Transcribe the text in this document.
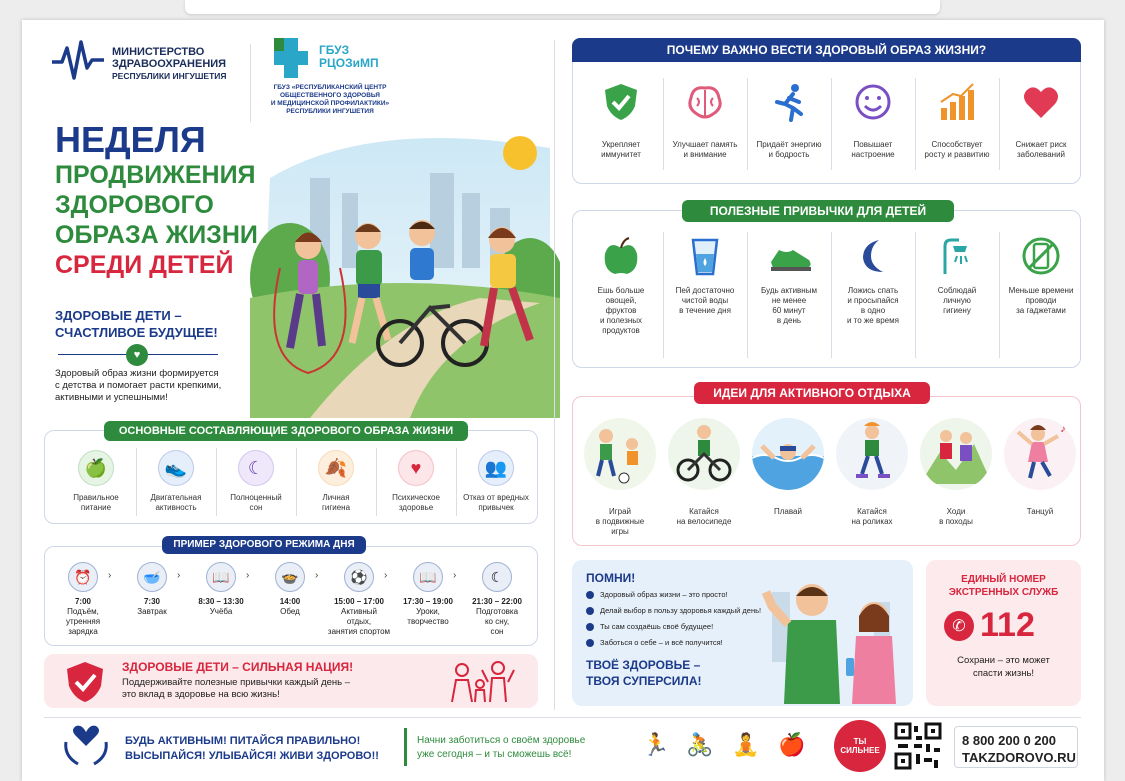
МИНИСТЕРСТВО
ЗДРАВООХРАНЕНИЯ
РЕСПУБЛИКИ ИНГУШЕТИЯ
ГБУЗ
РЦОЗиМП
ГБУЗ «РЕСПУБЛИКАНСКИЙ ЦЕНТР
ОБЩЕСТВЕННОГО ЗДОРОВЬЯ
И МЕДИЦИНСКОЙ ПРОФИЛАКТИКИ»
РЕСПУБЛИКИ ИНГУШЕТИЯ
НЕДЕЛЯ
ПРОДВИЖЕНИЯ
ЗДОРОВОГО
ОБРАЗА ЖИЗНИ
СРЕДИ ДЕТЕЙ
ЗДОРОВЫЕ ДЕТИ –
СЧАСТЛИВОЕ БУДУЩЕЕ!
♥
Здоровый образ жизни формируется
с детства и помогает расти крепкими,
активными и успешными!
ОСНОВНЫЕ СОСТАВЛЯЮЩИЕ ЗДОРОВОГО ОБРАЗА ЖИЗНИ
ПРИМЕР ЗДОРОВОГО РЕЖИМА ДНЯ
ЗДОРОВЫЕ ДЕТИ – СИЛЬНАЯ НАЦИЯ!
Поддерживайте полезные привычки каждый день –
это вклад в здоровье на всю жизнь!
ПОЧЕМУ ВАЖНО ВЕСТИ ЗДОРОВЫЙ ОБРАЗ ЖИЗНИ?
ПОЛЕЗНЫЕ ПРИВЫЧКИ ДЛЯ ДЕТЕЙ
ИДЕИ ДЛЯ АКТИВНОГО ОТДЫХА
ПОМНИ!
ТВОЁ ЗДОРОВЬЕ –
ТВОЯ СУПЕРСИЛА!
ЕДИНЫЙ НОМЕР
ЭКСТРЕННЫХ СЛУЖБ
✆ 112
Сохрани – это может
спасти жизнь!
БУДЬ АКТИВНЫМ! ПИТАЙСЯ ПРАВИЛЬНО!
ВЫСЫПАЙСЯ! УЛЫБАЙСЯ! ЖИВИ ЗДОРОВО!!
Начни заботиться о своём здоровье
уже сегодня – и ты сможешь всё!	🏃 🚴 🧘 🍎	ТЫ СИЛЬНЕЕ
8 800 200 0 200
TAKZDOROVO.RU
🍏
Правильное
питание
👟
Двигательная
активность
☾
Полноценный
сон
🍂
Личная
гигиена
♥
Психическое
здоровье
👥
Отказ от вредных
привычек
⏰
7:00
Подъём,
утренняя
зарядка
›	🥣
7:30
Завтрак
›	📖
8:30 – 13:30
Учёба
›	🍲
14:00
Обед
›	⚽
15:00 – 17:00
Активный
отдых,
занятия спортом
›	📖
17:30 – 19:00
Уроки,
творчество
›	☾
21:30 – 22:00
Подготовка
ко сну,
сон
Укрепляет
иммунитет
Улучшает память
и внимание
Придаёт энергию
и бодрость
Повышает
настроение
Способствует
росту и развитию
Снижает риск
заболеваний
Ешь больше
овощей,
фруктов
и полезных
продуктов
Пей достаточно
чистой воды
в течение дня
Будь активным
не менее
60 минут
в день
Ложись спать
и просыпайся
в одно
и то же время
Соблюдай
личную
гигиену
Меньше времени
проводи
за гаджетами
Играй
в подвижные
игры
Катайся
на велосипеде
Плавай	Катайся
на роликах
Ходи
в походы
♪
Танцуй
Здоровый образ жизни – это просто!
Делай выбор в пользу здоровья каждый день!
Ты сам создаёшь своё будущее!
Заботься о себе – и всё получится!
